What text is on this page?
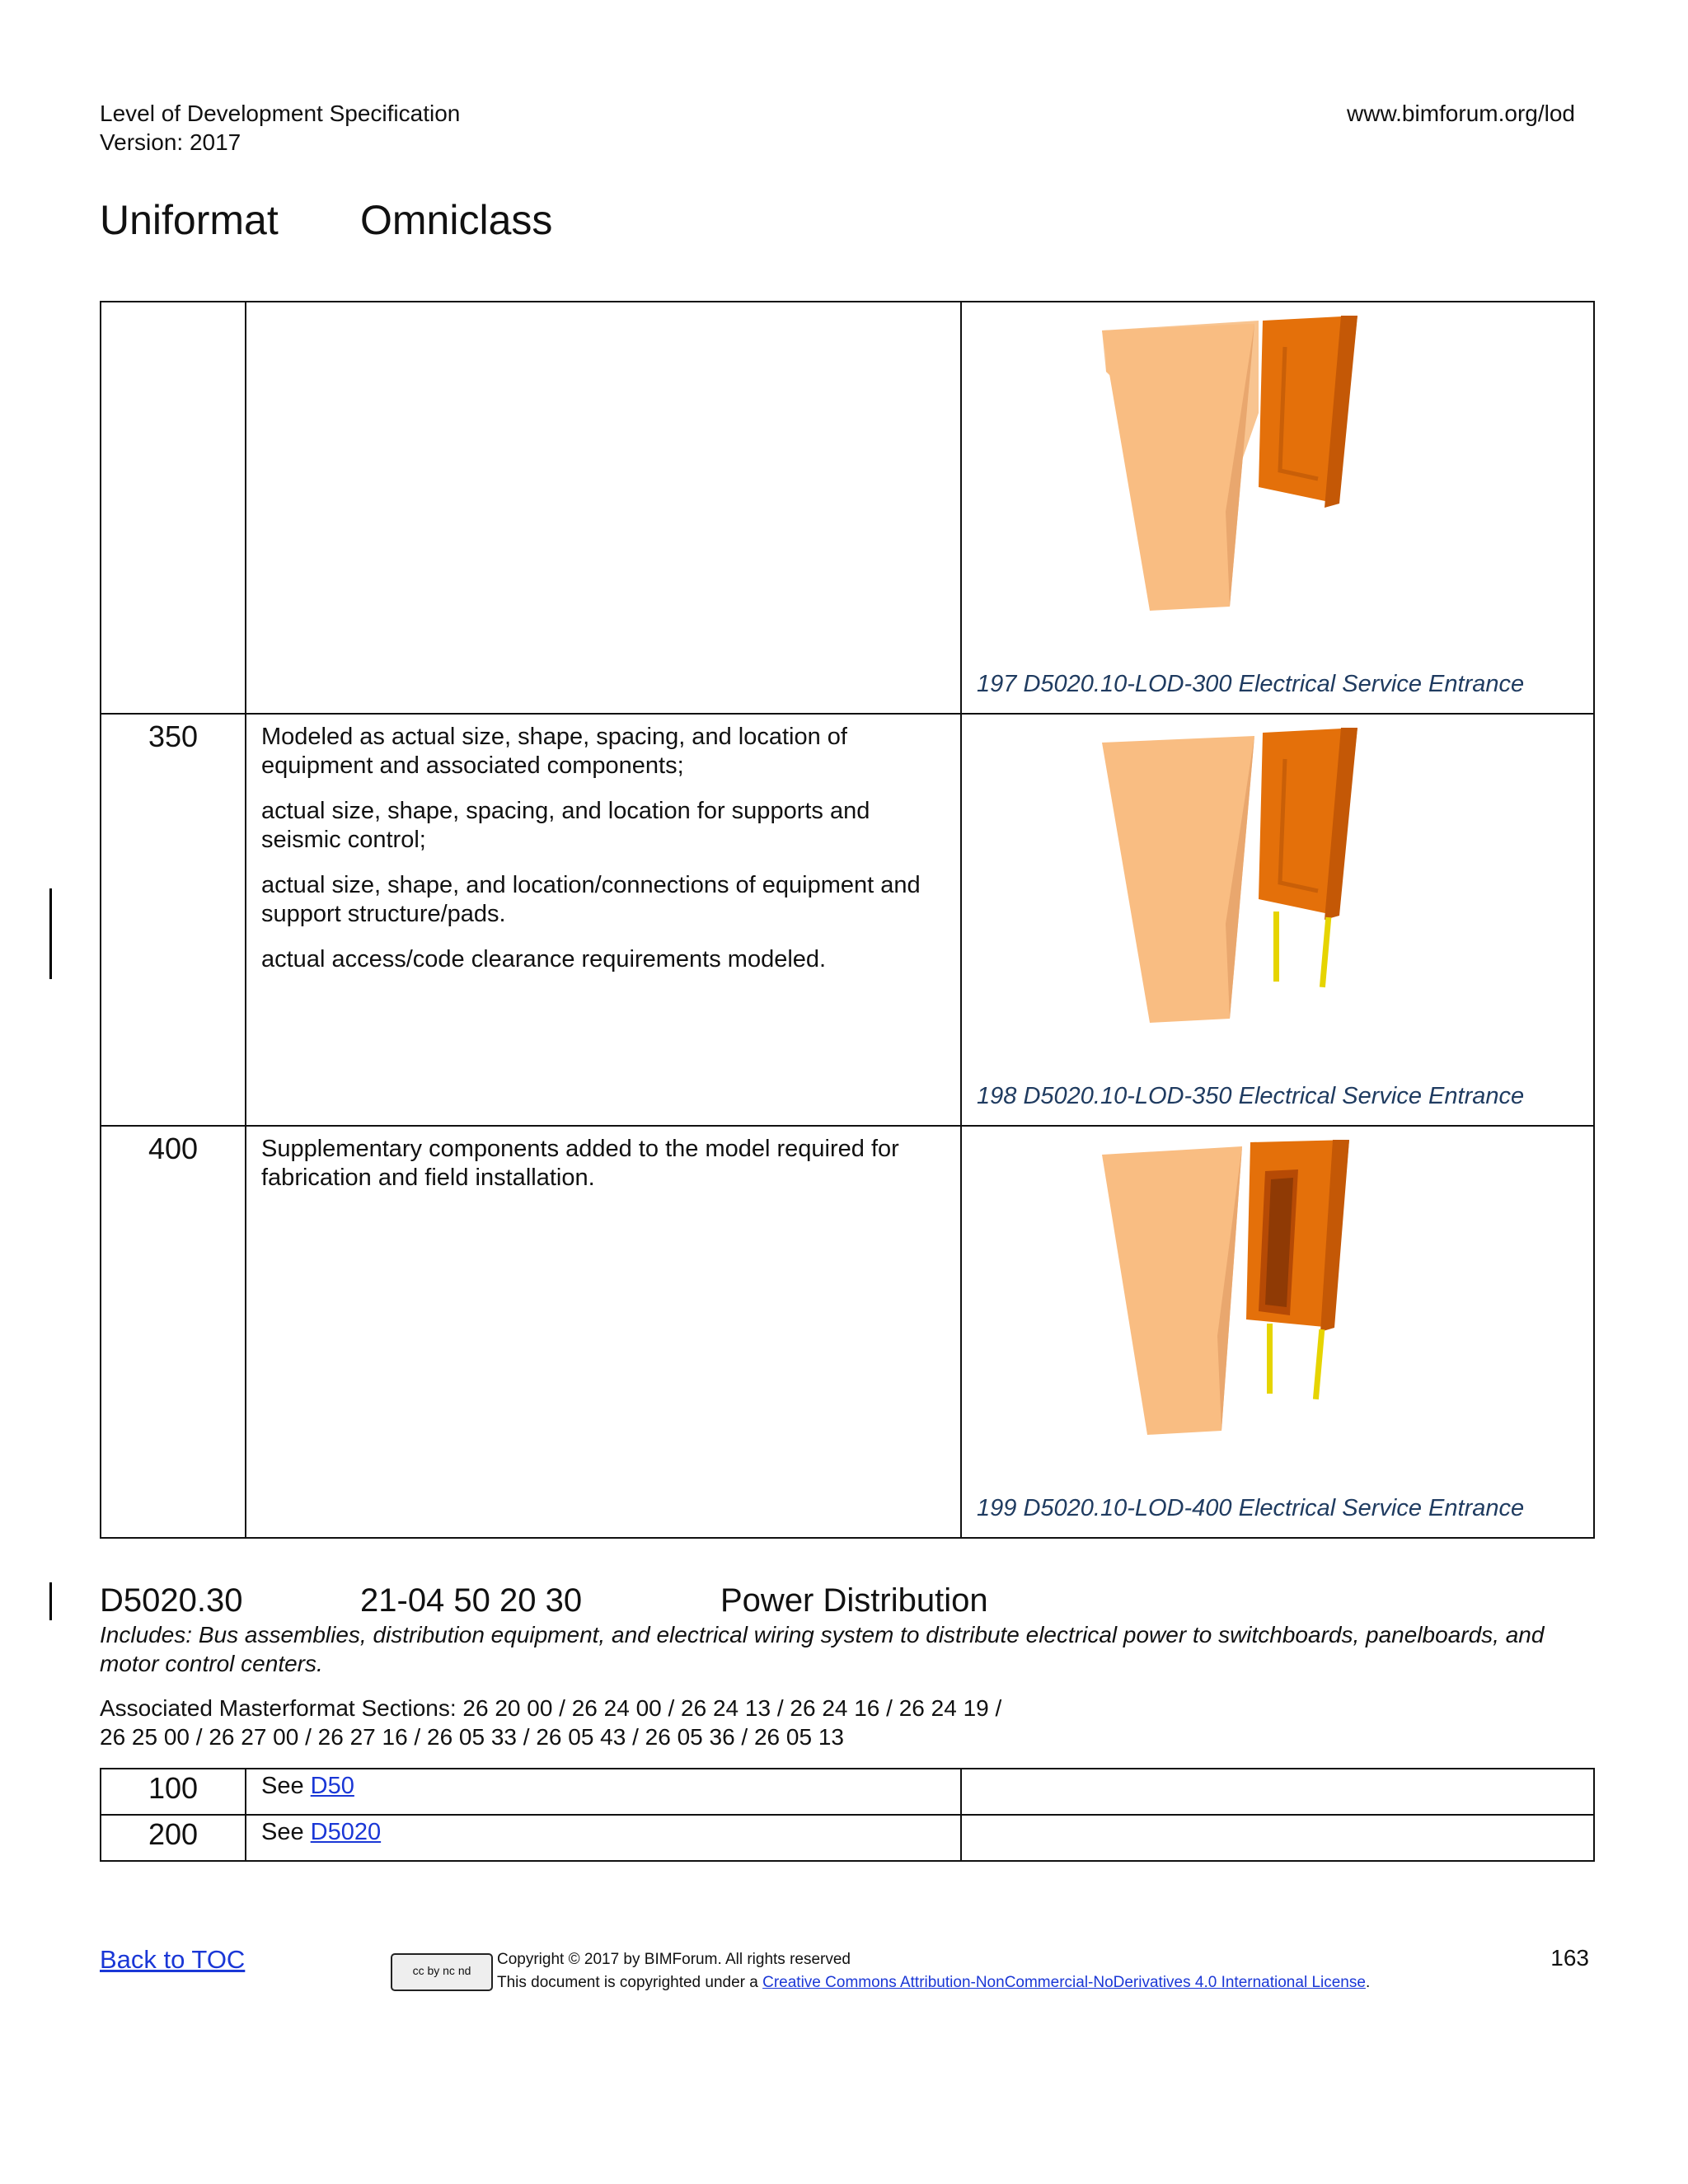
Level of Development Specification
Version: 2017
www.bimforum.org/lod
Uniformat Omniclass

		197 D5020.10-LOD-300 Electrical Service Entrance

350	Modeled as actual size, shape, spacing, and location of equipment and associated components;

actual size, shape, spacing, and location for supports and seismic control;

actual size, shape, and location/connections of equipment and support structure/pads.

actual access/code clearance requirements modeled.	198 D5020.10-LOD-350 Electrical Service Entrance

400	Supplementary components added to the model required for fabrication and field installation.	199 D5020.10-LOD-400 Electrical Service Entrance
D5020.30	21-04 50 20 30	Power Distribution
Includes: Bus assemblies, distribution equipment, and electrical wiring system to distribute electrical power to switchboards, panelboards, and motor control centers.
Associated Masterformat Sections: 26 20 00 / 26 24 00 / 26 24 13 / 26 24 16 / 26 24 19 /
26 25 00 / 26 27 00 / 26 27 16 / 26 05 33 / 26 05 43 / 26 05 36 / 26 05 13
100	See D50	
200	See D5020	
Back to TOC	cc by nc nd
Copyright © 2017 by BIMForum. All rights reserved
This document is copyrighted under a Creative Commons Attribution-NonCommercial-NoDerivatives 4.0 International License.
163
